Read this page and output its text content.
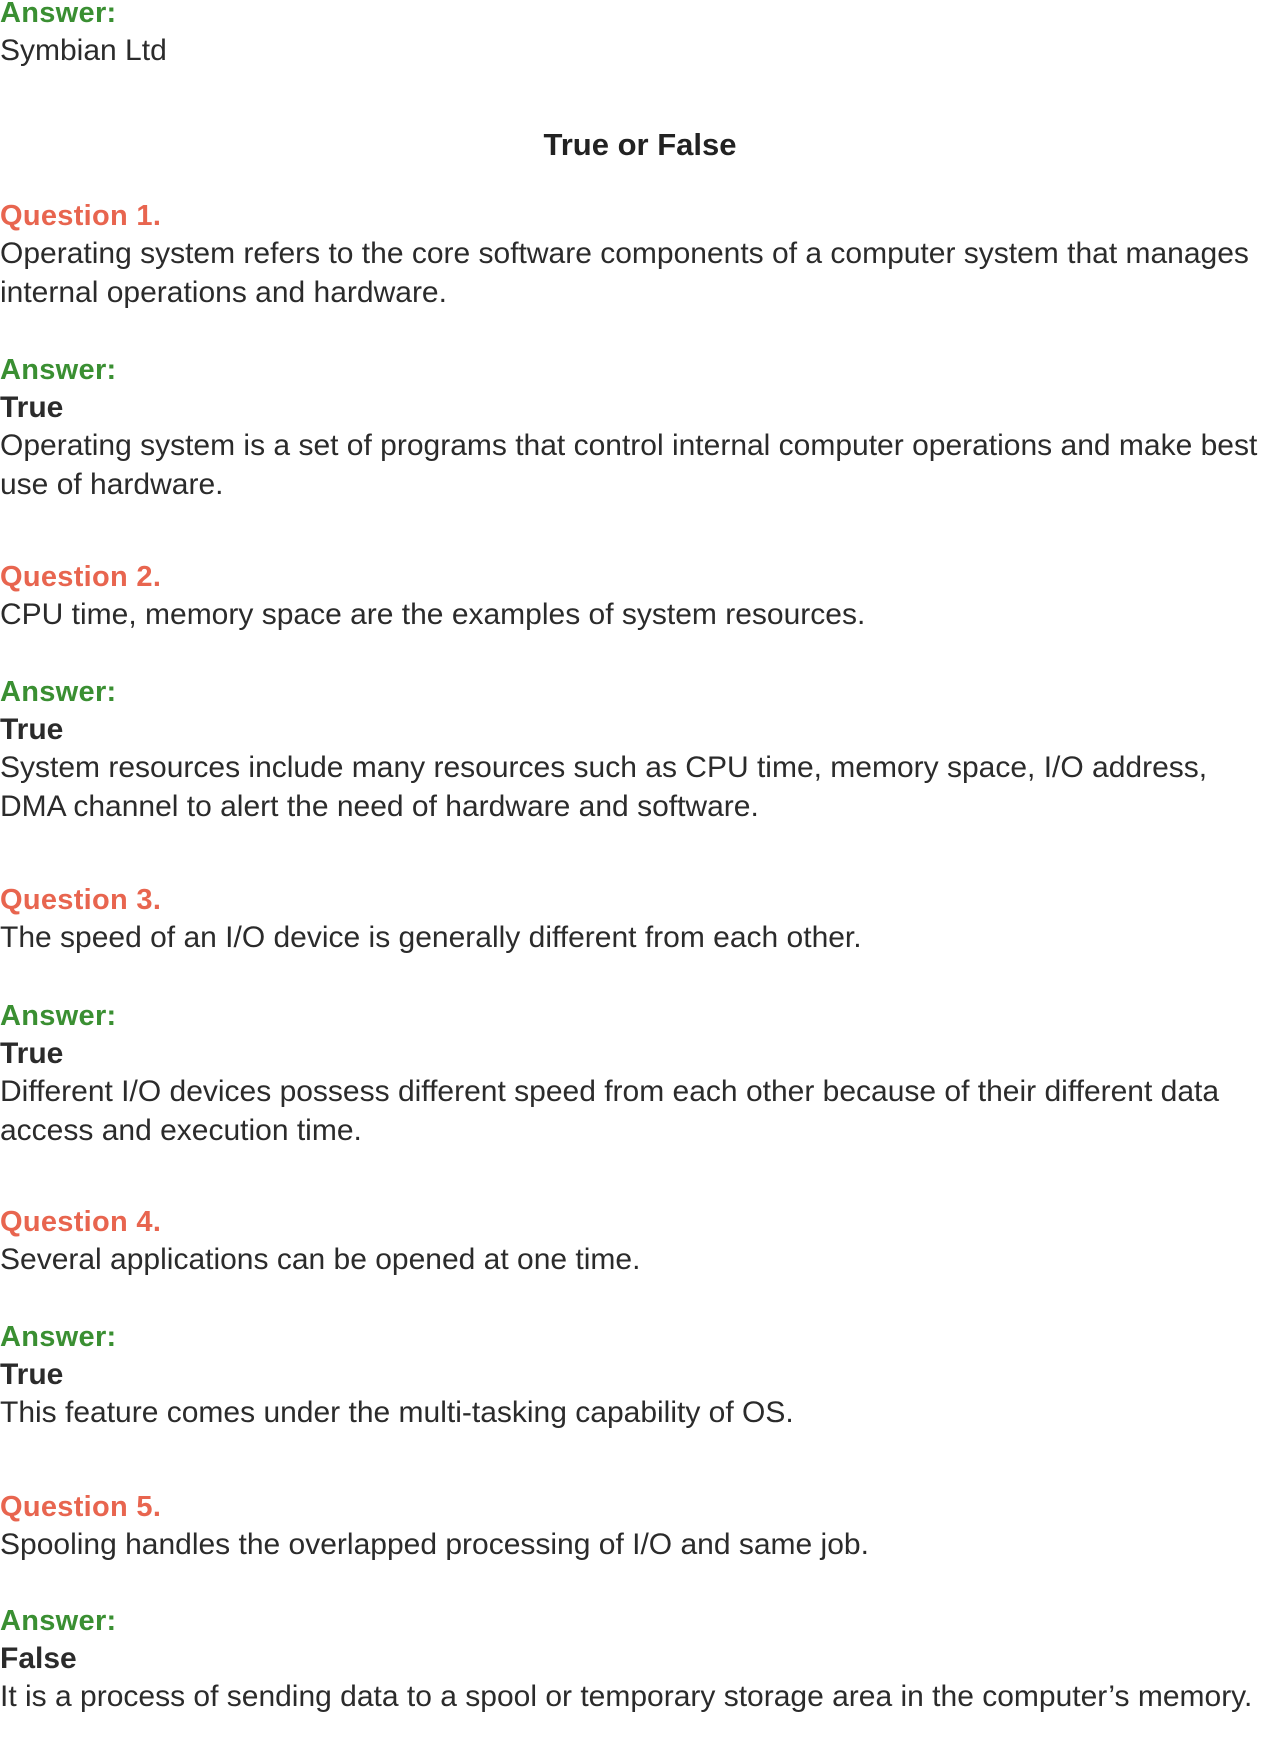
Answer:

Symbian Ltd

True or False

Question 1.

Operating system refers to the core software components of a computer system that manages internal operations and hardware.

Answer:

True

Operating system is a set of programs that control internal computer operations and make best use of hardware.

Question 2.

CPU time, memory space are the examples of system resources.

Answer:

True

System resources include many resources such as CPU time, memory space, I/O address, DMA channel to alert the need of hardware and software.

Question 3.

The speed of an I/O device is generally different from each other.

Answer:

True

Different I/O devices possess different speed from each other because of their different data access and execution time.

Question 4.

Several applications can be opened at one time.

Answer:

True

This feature comes under the multi-tasking capability of OS.

Question 5.

Spooling handles the overlapped processing of I/O and same job.

Answer:

False

It is a process of sending data to a spool or temporary storage area in the computer’s memory.
